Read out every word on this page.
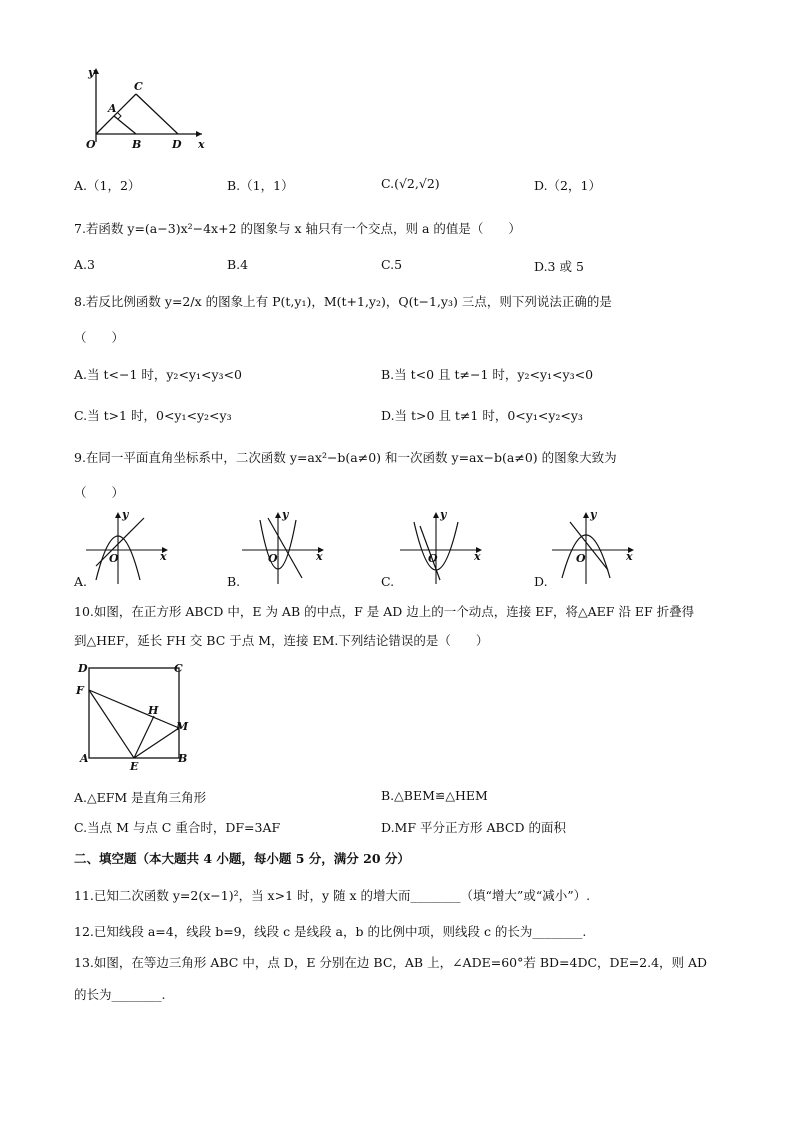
y
C
A
O	B	D x
A.（1，2）	B.（1，1）	C.(√2,√2)	D.（2，1）
7.若函数 y=(a−3)x²−4x+2 的图象与 x 轴只有一个交点，则 a 的值是（　　）
A.3	B.4	C.5	D.3 或 5
8.若反比例函数 y=2/x 的图象上有 P(t,y₁)，M(t+1,y₂)，Q(t−1,y₃) 三点，则下列说法正确的是
（　　）
A.当 t<−1 时，y₂<y₁<y₃<0	B.当 t<0 且 t≠−1 时，y₂<y₁<y₃<0
C.当 t>1 时，0<y₁<y₂<y₃	D.当 t>0 且 t≠1 时，0<y₁<y₂<y₃
9.在同一平面直角坐标系中，二次函数 y=ax²−b(a≠0) 和一次函数 y=ax−b(a≠0) 的图象大致为
（　　）
y
O	x
y
O	x
y
O	x
y
O	x
A.	B.	C.	D.
10.如图，在正方形 ABCD 中，E 为 AB 的中点，F 是 AD 边上的一个动点，连接 EF，将△AEF 沿 EF 折叠得
到△HEF，延长 FH 交 BC 于点 M，连接 EM.下列结论错误的是（　　）
D	C
F
H
M
A
E
B
A.△EFM 是直角三角形	B.△BEM≌△HEM
C.当点 M 与点 C 重合时，DF=3AF	D.MF 平分正方形 ABCD 的面积
二、填空题（本大题共 4 小题，每小题 5 分，满分 20 分）
11.已知二次函数 y=2(x−1)²，当 x>1 时，y 随 x 的增大而________（填“增大”或“减小”）.
12.已知线段 a=4，线段 b=9，线段 c 是线段 a，b 的比例中项，则线段 c 的长为________.
13.如图，在等边三角形 ABC 中，点 D，E 分别在边 BC，AB 上，∠ADE=60°若 BD=4DC，DE=2.4，则 AD
的长为________.
